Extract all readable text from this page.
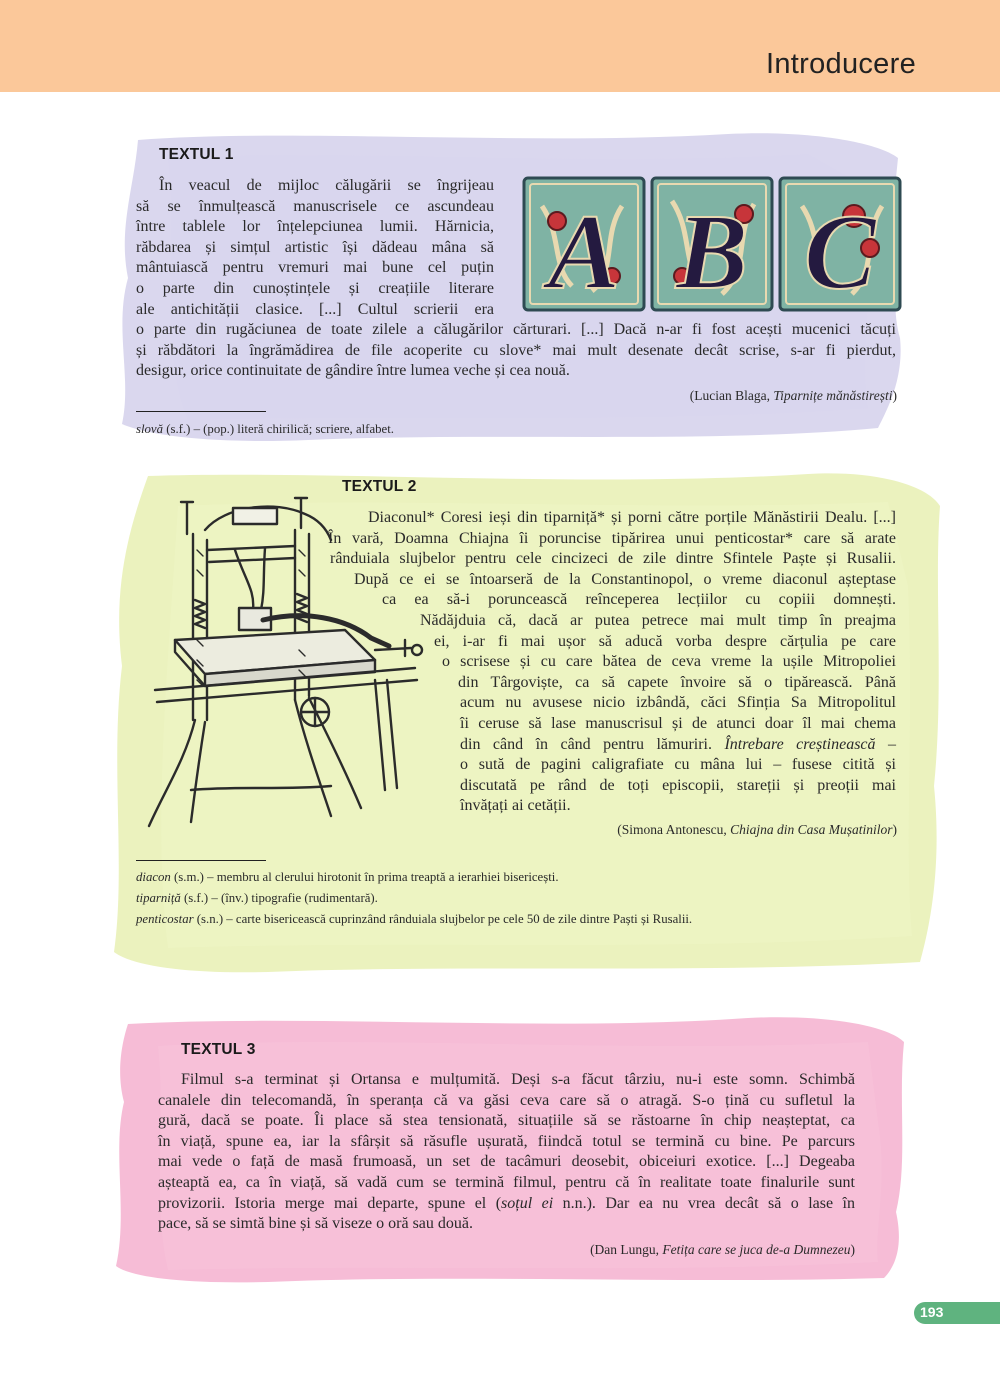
Introducere
TEXTUL 1
A B C
În veacul de mijloc călugării se îngrijeau
să se înmulțească manuscrisele ce ascundeau
între tablele lor înțelepciunea lumii. Hărnicia,
răbdarea și simțul artistic își dădeau mâna să
mântuiască pentru vremuri mai bune cel puțin
o parte din cunoștințele și creațiile literare
ale antichității clasice. [...] Cultul scrierii era
o parte din rugăciunea de toate zilele a călugărilor cărturari. [...] Dacă n-ar fi fost acești mucenici tăcuți
și răbdători la îngrămădirea de file acoperite cu slove* mai mult desenate decât scrise, s-ar fi pierdut,
desigur, orice continuitate de gândire între lumea veche și cea nouă.
(Lucian Blaga, Tiparnițe mănăstirești)
slovă (s.f.) – (pop.) literă chirilică; scriere, alfabet.
TEXTUL 2
Diaconul* Coresi ieși din tiparniță* și porni către porțile Mănăstirii Dealu. [...]
În vară, Doamna Chiajna îi poruncise tipărirea unui penticostar* care să arate
rânduiala slujbelor pentru cele cincizeci de zile dintre Sfintele Paște și Rusalii.
După ce ei se întoarseră de la Constantinopol, o vreme diaconul așteptase
ca ea să-i poruncească reînceperea lecțiilor cu copiii domnești.
Nădăjduia că, dacă ar putea petrece mai mult timp în preajma
ei, i-ar fi mai ușor să aducă vorba despre cărțulia pe care
o scrisese și cu care bătea de ceva vreme la ușile Mitropoliei
din Târgoviște, ca să capete învoire să o tipărească. Până
acum nu avusese nicio izbândă, căci Sfinția Sa Mitropolitul
îi ceruse să lase manuscrisul și de atunci doar îl mai chema
din când în când pentru lămuriri. Întrebare creștinească –
o sută de pagini caligrafiate cu mâna lui – fusese citită și
discutată pe rând de toți episcopii, stareții și preoții mai
învățați ai cetății.
(Simona Antonescu, Chiajna din Casa Mușatinilor)
diacon (s.m.) – membru al clerului hirotonit în prima treaptă a ierarhiei bisericești.
tiparniță (s.f.) – (înv.) tipografie (rudimentară).
penticostar (s.n.) – carte bisericească cuprinzând rânduiala slujbelor pe cele 50 de zile dintre Paști și Rusalii.
TEXTUL 3
Filmul s-a terminat și Ortansa e mulțumită. Deși s-a făcut târziu, nu-i este somn. Schimbă
canalele din telecomandă, în speranța că va găsi ceva care să o atragă. S-o țină cu sufletul la
gură, dacă se poate. Îi place să stea tensionată, situațiile să se răstoarne în chip neașteptat, ca
în viață, spune ea, iar la sfârșit să răsufle ușurată, fiindcă totul se termină cu bine. Pe parcurs
mai vede o față de masă frumoasă, un set de tacâmuri deosebit, obiceiuri exotice. [...] Degeaba
așteaptă ea, ca în viață, să vadă cum se termină filmul, pentru că în realitate toate finalurile sunt
provizorii. Istoria merge mai departe, spune el (soțul ei n.n.). Dar ea nu vrea decât să o lase în
pace, să se simtă bine și să viseze o oră sau două.
(Dan Lungu, Fetița care se juca de-a Dumnezeu)
193
